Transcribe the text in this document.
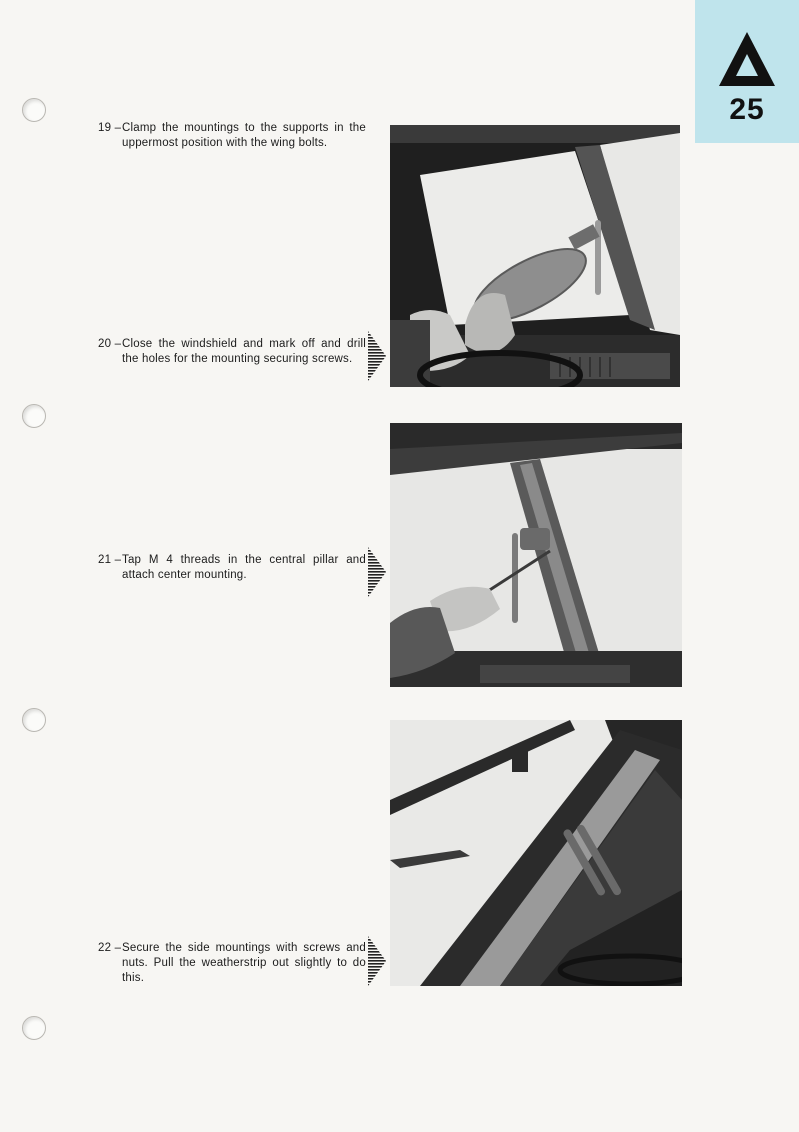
25
19 – Clamp the mountings to the supports in the uppermost position with the wing bolts.
20 – Close the windshield and mark off and drill the holes for the mounting securing screws.
21 – Tap M 4 threads in the central pillar and attach center mounting.
22 – Secure the side mountings with screws and nuts. Pull the weatherstrip out slightly to do this.
